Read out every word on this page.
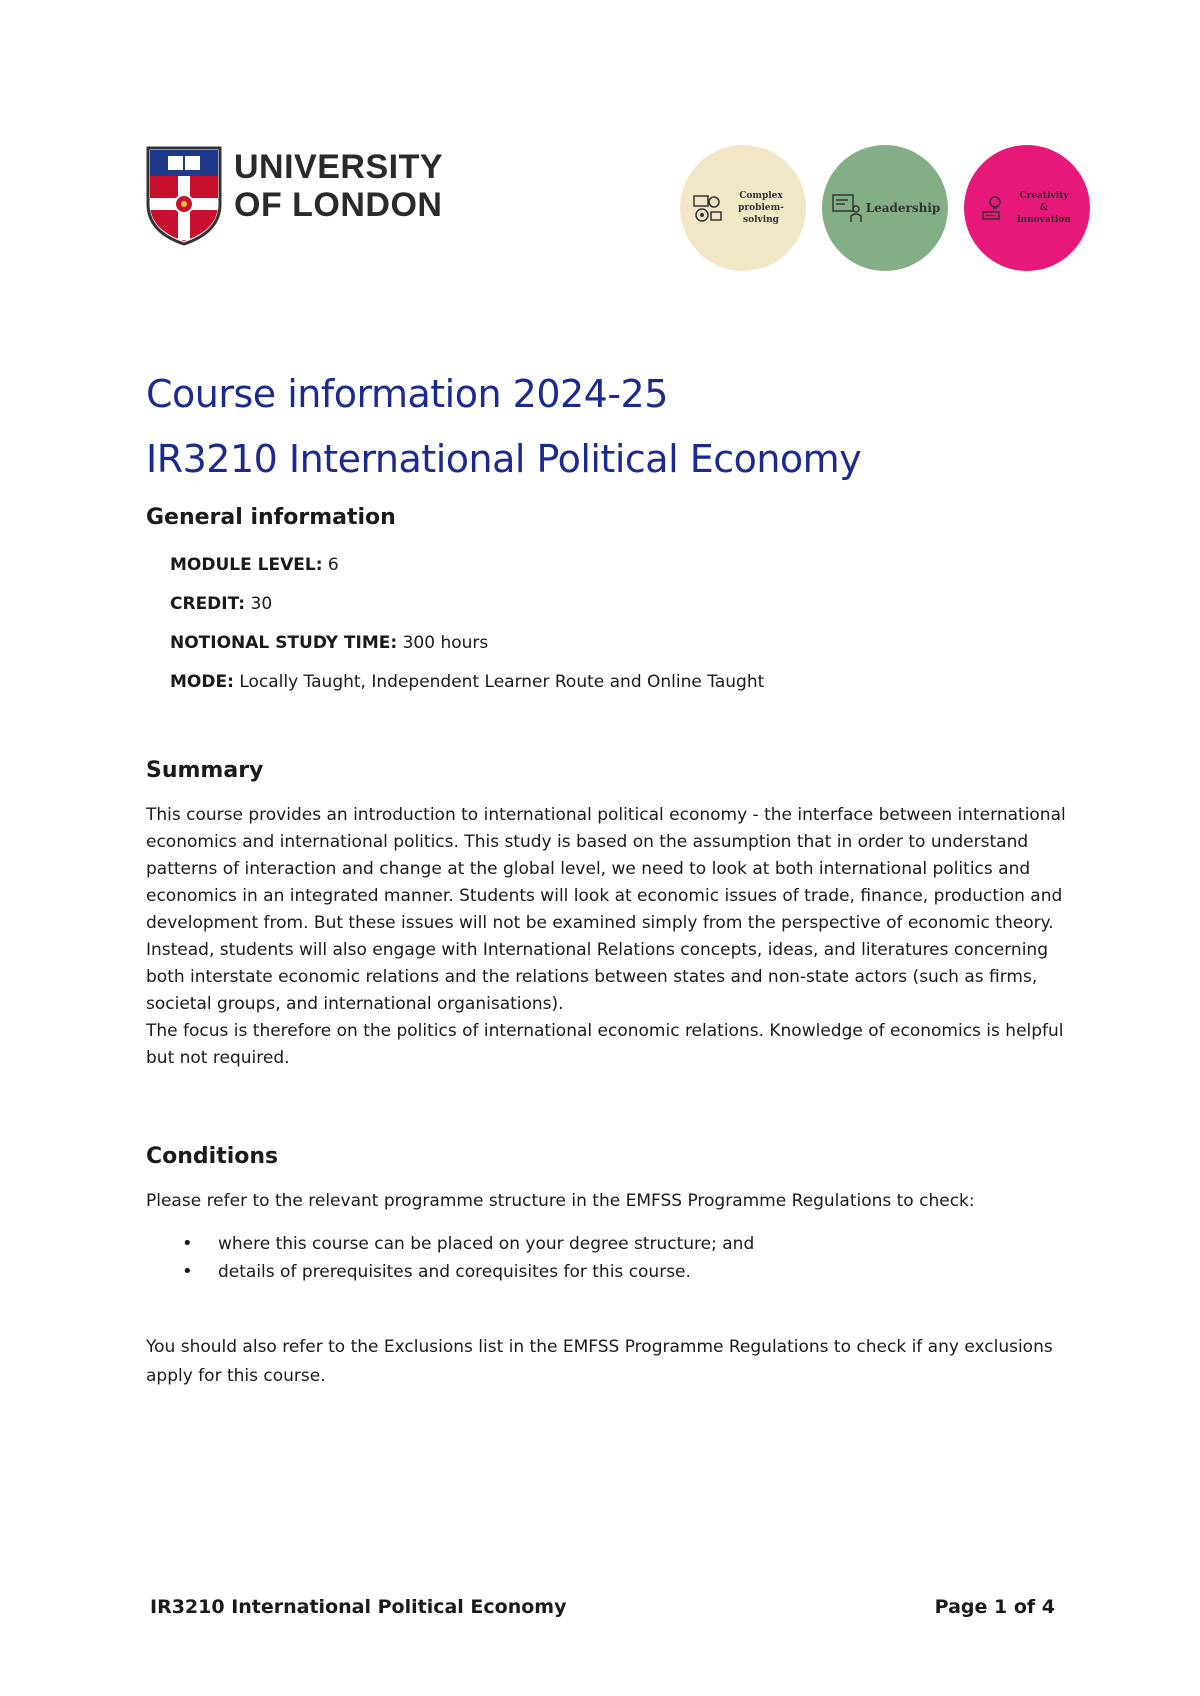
UNIVERSITY
OF LONDON	Complex problem-solving
Leadership
Creativity & innovation
Course information 2024-25
IR3210 International Political Economy
General information
MODULE LEVEL: 6
CREDIT: 30
NOTIONAL STUDY TIME: 300 hours
MODE: Locally Taught, Independent Learner Route and Online Taught
Summary

This course provides an introduction to international political economy - the interface between international economics and international politics. This study is based on the assumption that in order to understand patterns of interaction and change at the global level, we need to look at both international politics and economics in an integrated manner. Students will look at economic issues of trade, finance, production and development from. But these issues will not be examined simply from the perspective of economic theory. Instead, students will also engage with International Relations concepts, ideas, and literatures concerning both interstate economic relations and the relations between states and non-state actors (such as firms, societal groups, and international organisations).

The focus is therefore on the politics of international economic relations. Knowledge of economics is helpful but not required.

Conditions

Please refer to the relevant programme structure in the EMFSS Programme Regulations to check:

• where this course can be placed on your degree structure; and
• details of prerequisites and corequisites for this course.

You should also refer to the Exclusions list in the EMFSS Programme Regulations to check if any exclusions apply for this course.

IR3210 International Political Economy	Page 1 of 4
